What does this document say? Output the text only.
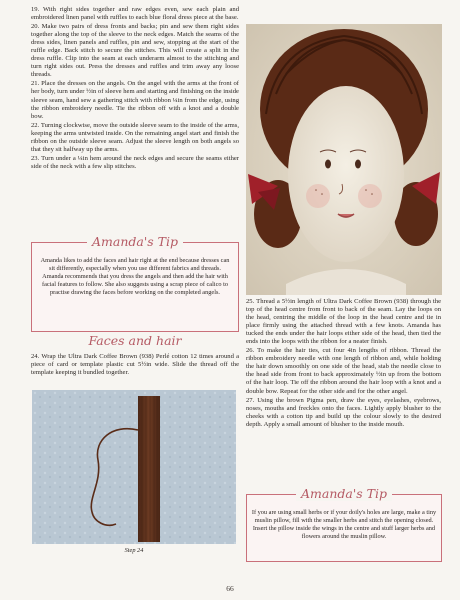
19. With right sides together and raw edges even, sew each plain and embroidered linen panel with ruffles to each blue floral dress piece at the base.

20. Make two pairs of dress fronts and backs; pin and sew them right sides together along the top of the sleeve to the neck edges. Match the seams of the dress sides, linen panels and ruffles, pin and sew, stopping at the start of the ruffle edge. Back stitch to secure the stitches. This will create a split in the dress ruffle. Clip into the seam at each underarm almost to the stitching and turn right sides out. Press the dresses and ruffles and trim away any loose threads.

21. Place the dresses on the angels. On the angel with the arms at the front of her body, turn under ½in of sleeve hem and starting and finishing on the inside sleeve seam, hand sew a gathering stitch with ribbon ¼in from the edge, using the ribbon embroidery needle. Tie the ribbon off with a knot and a double bow.

22. Turning clockwise, move the outside sleeve seam to the inside of the arms, keeping the arms untwisted inside. On the remaining angel start and finish the ribbon on the outside sleeve seam. Adjust the sleeve length on both angels so that they sit halfway up the arms.

23. Turn under a ¼in hem around the neck edges and secure the seams either side of the neck with a few slip stitches.

Amanda's Tip
Amanda likes to add the faces and hair right at the end because dresses can sit differently, especially when you use different fabrics and threads. Amanda recommends that you dress the angels and then add the hair with facial features to follow. She also suggests using a scrap piece of calico to practise drawing the faces before working on the completed angels.
Faces and hair

24. Wrap the Ultra Dark Coffee Brown (938) Perlé cotton 12 times around a piece of card or template plastic cut 5½in wide. Slide the thread off the template keeping it bundled together.

Step 24

25. Thread a 5½in length of Ultra Dark Coffee Brown (938) through the top of the head centre from front to back of the seam. Lay the loops on the head, centring the middle of the loop in the head centre and tie in place firmly using the attached thread with a few knots. Amanda has tucked the ends under the hair loops either side of the head, then tied the ends into the loops with the ribbon for a neater finish.

26. To make the hair ties, cut four 4in lengths of ribbon. Thread the ribbon embroidery needle with one length of ribbon and, while holding the hair down smoothly on one side of the head, stab the needle close to the head side from front to back approximately ½in up from the bottom of the hair loop. Tie off the ribbon around the hair loop with a knot and a double bow. Repeat for the other side and for the other angel.

27. Using the brown Pigma pen, draw the eyes, eyelashes, eyebrows, noses, mouths and freckles onto the faces. Lightly apply blusher to the cheeks with a cotton tip and build up the colour slowly to the desired depth. Apply a small amount of blusher to the inside mouth.

Amanda's Tip
If you are using small herbs or if your doily's holes are large, make a tiny muslin pillow, fill with the smaller herbs and stitch the opening closed. Insert the pillow inside the wings in the centre and stuff larger herbs and flowers around the muslin pillow.
66
